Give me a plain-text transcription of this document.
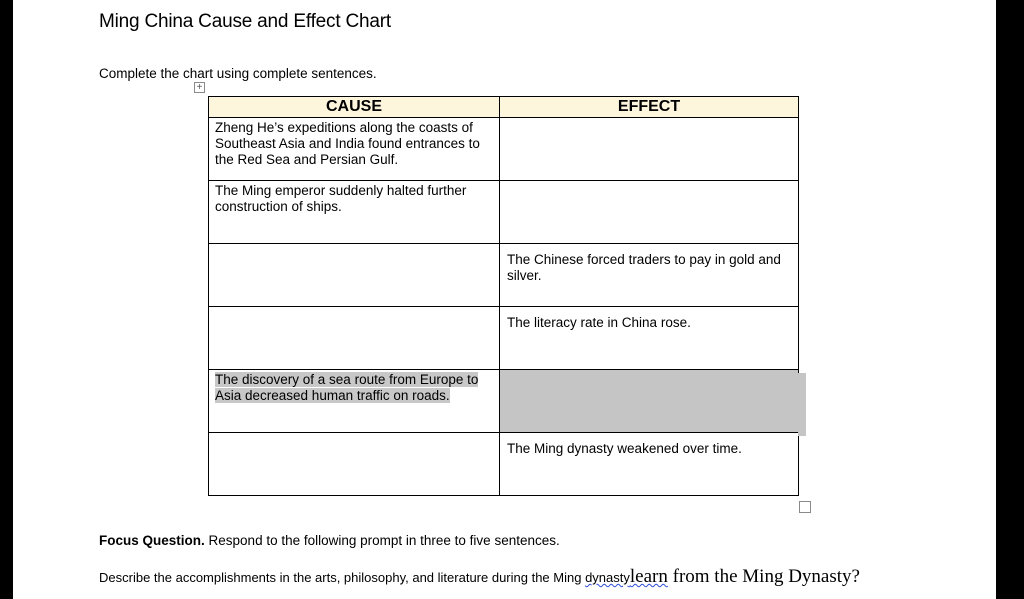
Ming China Cause and Effect Chart
Complete the chart using complete sentences.
+
CAUSE	EFFECT

Zheng He’s expeditions along the coasts of Southeast Asia and India found entrances to the Red Sea and Persian Gulf.	

The Ming emperor suddenly halted further construction of ships.	

	The Chinese forced traders to pay in gold and silver.

	The literacy rate in China rose.

The discovery of a sea route from Europe to Asia decreased human traffic on roads.	

	The Ming dynasty weakened over time.
Focus Question. Respond to the following prompt in three to five sentences.
Describe the accomplishments in the arts, philosophy, and literature during the Ming dynastylearn from the Ming Dynasty?
